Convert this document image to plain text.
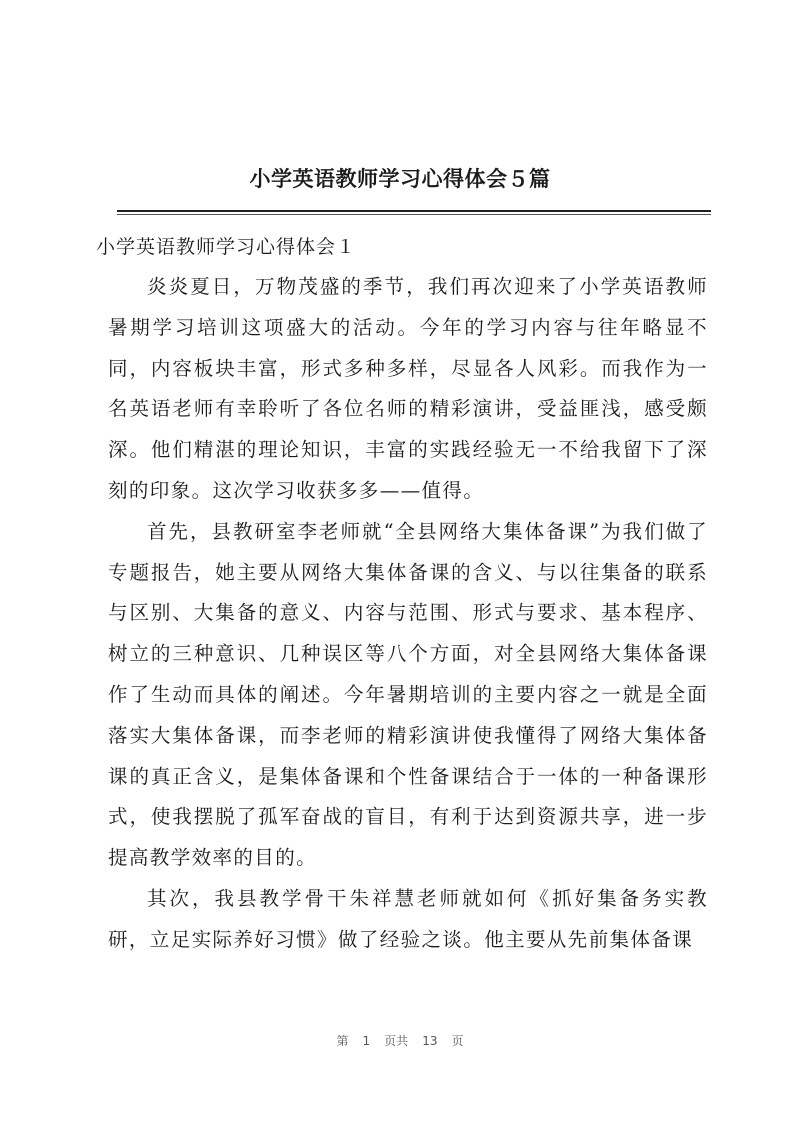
小学英语教师学习心得体会５篇
小学英语教师学习心得体会１

炎炎夏日，万物茂盛的季节，我们再次迎来了小学英语教师暑期学习培训这项盛大的活动。今年的学习内容与往年略显不同，内容板块丰富，形式多种多样，尽显各人风彩。而我作为一名英语老师有幸聆听了各位名师的精彩演讲，受益匪浅，感受颇深。他们精湛的理论知识，丰富的实践经验无一不给我留下了深刻的印象。这次学习收获多多——值得。

首先，县教研室李老师就“全县网络大集体备课”为我们做了专题报告，她主要从网络大集体备课的含义、与以往集备的联系与区别、大集备的意义、内容与范围、形式与要求、基本程序、树立的三种意识、几种误区等八个方面，对全县网络大集体备课作了生动而具体的阐述。今年暑期培训的主要内容之一就是全面落实大集体备课，而李老师的精彩演讲使我懂得了网络大集体备课的真正含义，是集体备课和个性备课结合于一体的一种备课形式，使我摆脱了孤军奋战的盲目，有利于达到资源共享，进一步提高教学效率的目的。

其次，我县教学骨干朱祥慧老师就如何《抓好集备务实教研，立足实际养好习惯》做了经验之谈。他主要从先前集体备课

第 1 页共 13 页
